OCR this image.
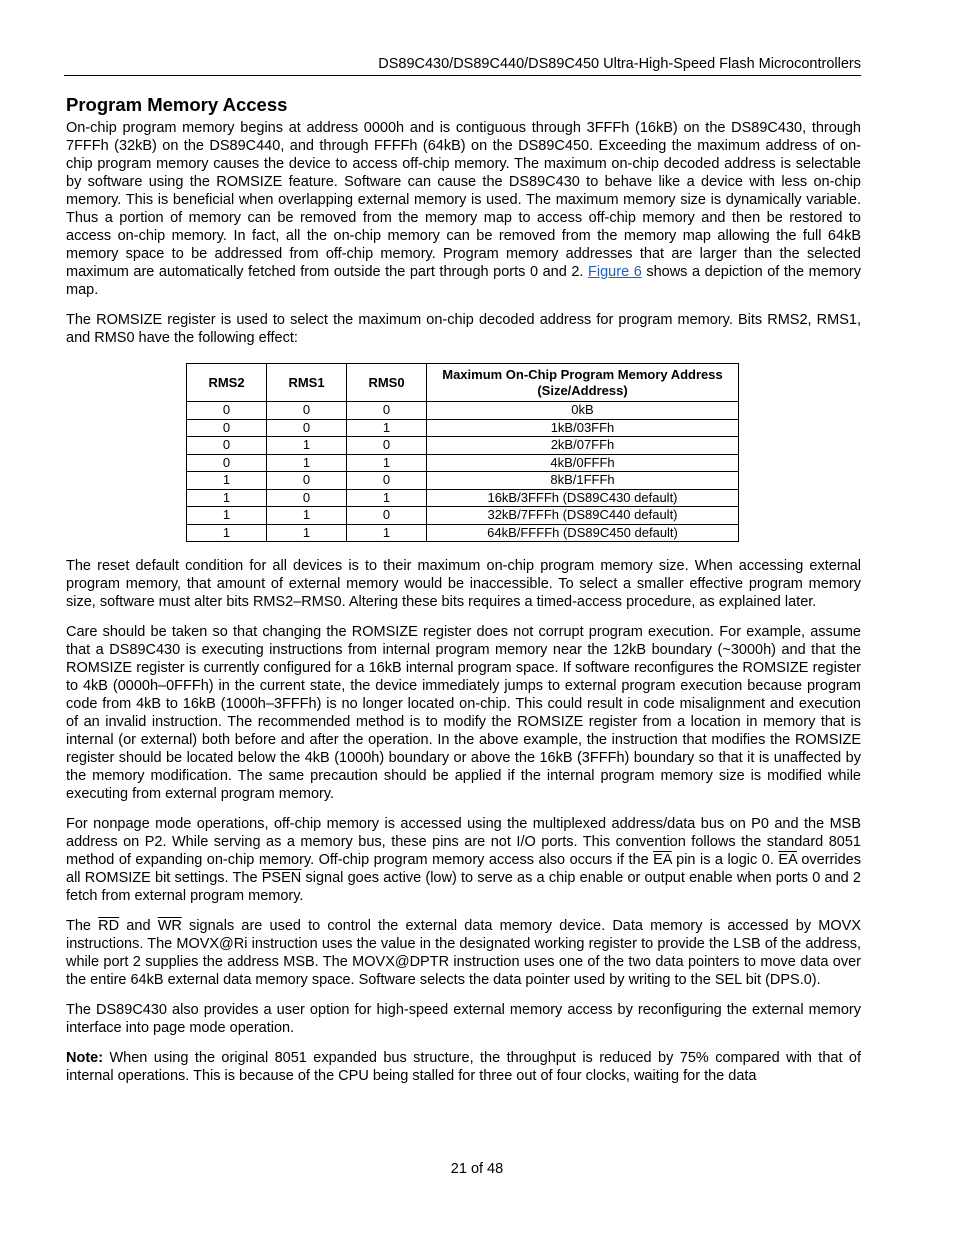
DS89C430/DS89C440/DS89C450 Ultra-High-Speed Flash Microcontrollers
Program Memory Access

On-chip program memory begins at address 0000h and is contiguous through 3FFFh (16kB) on the DS89C430, through 7FFFh (32kB) on the DS89C440, and through FFFFh (64kB) on the DS89C450. Exceeding the maximum address of on-chip program memory causes the device to access off-chip memory. The maximum on-chip decoded address is selectable by software using the ROMSIZE feature. Software can cause the DS89C430 to behave like a device with less on-chip memory. This is beneficial when overlapping external memory is used. The maximum memory size is dynamically variable. Thus a portion of memory can be removed from the memory map to access off-chip memory and then be restored to access on-chip memory. In fact, all the on-chip memory can be removed from the memory map allowing the full 64kB memory space to be addressed from off-chip memory. Program memory addresses that are larger than the selected maximum are automatically fetched from outside the part through ports 0 and 2. Figure 6 shows a depiction of the memory map.

The ROMSIZE register is used to select the maximum on-chip decoded address for program memory. Bits RMS2, RMS1, and RMS0 have the following effect:

RMS2	RMS1	RMS0	Maximum On-Chip Program Memory Address (Size/Address)
0	0	0	0kB
0	0	1	1kB/03FFh
0	1	0	2kB/07FFh
0	1	1	4kB/0FFFh
1	0	0	8kB/1FFFh
1	0	1	16kB/3FFFh (DS89C430 default)
1	1	0	32kB/7FFFh (DS89C440 default)
1	1	1	64kB/FFFFh (DS89C450 default)

The reset default condition for all devices is to their maximum on-chip program memory size. When accessing external program memory, that amount of external memory would be inaccessible. To select a smaller effective program memory size, software must alter bits RMS2–RMS0. Altering these bits requires a timed-access procedure, as explained later.

Care should be taken so that changing the ROMSIZE register does not corrupt program execution. For example, assume that a DS89C430 is executing instructions from internal program memory near the 12kB boundary (~3000h) and that the ROMSIZE register is currently configured for a 16kB internal program space. If software reconfigures the ROMSIZE register to 4kB (0000h–0FFFh) in the current state, the device immediately jumps to external program execution because program code from 4kB to 16kB (1000h–3FFFh) is no longer located on-chip. This could result in code misalignment and execution of an invalid instruction. The recommended method is to modify the ROMSIZE register from a location in memory that is internal (or external) both before and after the operation. In the above example, the instruction that modifies the ROMSIZE register should be located below the 4kB (1000h) boundary or above the 16kB (3FFFh) boundary so that it is unaffected by the memory modification. The same precaution should be applied if the internal program memory size is modified while executing from external program memory.

For nonpage mode operations, off-chip memory is accessed using the multiplexed address/data bus on P0 and the MSB address on P2. While serving as a memory bus, these pins are not I/O ports. This convention follows the standard 8051 method of expanding on-chip memory. Off-chip program memory access also occurs if the $\overline{EA}$ pin is a logic 0. $\overline{EA}$ overrides all ROMSIZE bit settings. The PSEN signal goes active (low) to serve as a chip enable or output enable when ports 0 and 2 fetch from external program memory.

The $\overline{RD}$ and $\overline{WR}$ signals are used to control the external data memory device. Data memory is accessed by MOVX instructions. The MOVX@Ri instruction uses the value in the designated working register to provide the LSB of the address, while port 2 supplies the address MSB. The MOVX@DPTR instruction uses one of the two data pointers to move data over the entire 64kB external data memory space. Software selects the data pointer used by writing to the SEL bit (DPS.0).

The DS89C430 also provides a user option for high-speed external memory access by reconfiguring the external memory interface into page mode operation.

Note: When using the original 8051 expanded bus structure, the throughput is reduced by 75% compared with that of internal operations. This is because of the CPU being stalled for three out of four clocks, waiting for the data

21 of 48
